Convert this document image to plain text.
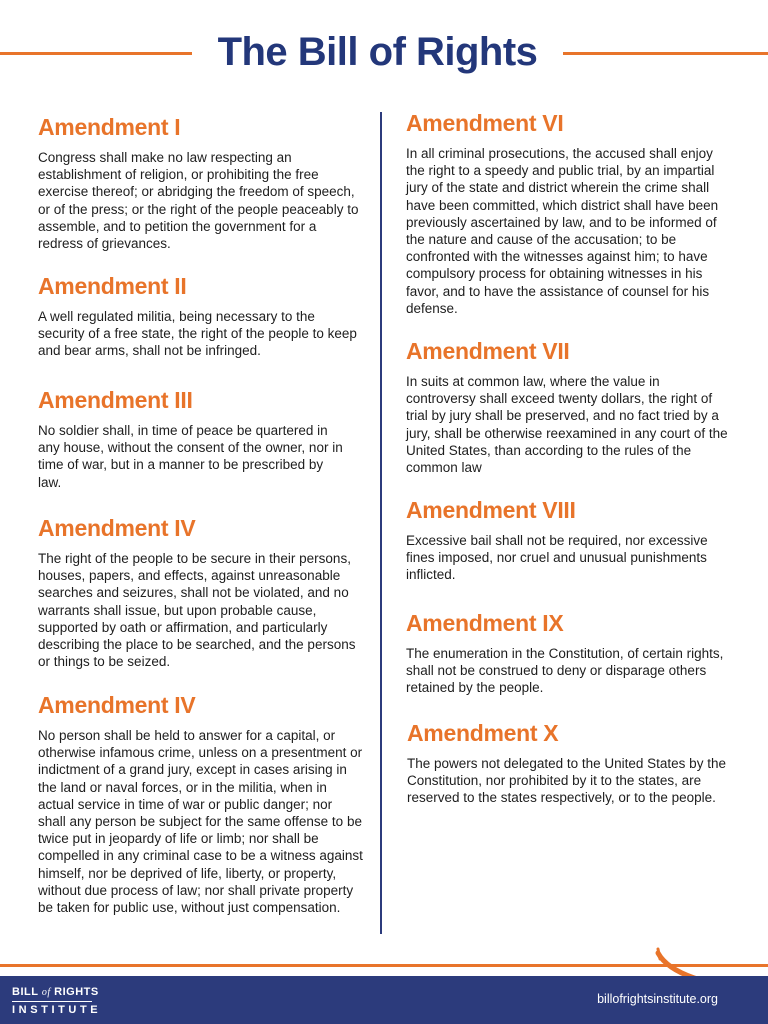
The Bill of Rights
Amendment I

Congress shall make no law respecting an establishment of religion, or prohibiting the free exercise thereof; or abridging the freedom of speech, or of the press; or the right of the people peaceably to assemble, and to petition the government for a redress of grievances.

Amendment II

A well regulated militia, being necessary to the security of a free state, the right of the people to keep and bear arms, shall not be infringed.

Amendment III

No soldier shall, in time of peace be quartered in any house, without the consent of the owner, nor in time of war, but in a manner to be prescribed by law.

Amendment IV

The right of the people to be secure in their persons, houses, papers, and effects, against unreasonable searches and seizures, shall not be violated, and no warrants shall issue, but upon probable cause, supported by oath or affirmation, and particularly describing the place to be searched, and the persons or things to be seized.

Amendment IV

No person shall be held to answer for a capital, or otherwise infamous crime, unless on a presentment or indictment of a grand jury, except in cases arising in the land or naval forces, or in the militia, when in actual service in time of war or public danger; nor shall any person be subject for the same offense to be twice put in jeopardy of life or limb; nor shall be compelled in any criminal case to be a witness against himself, nor be deprived of life, liberty, or property, without due process of law; nor shall private property be taken for public use, without just compensation.

Amendment VI

In all criminal prosecutions, the accused shall enjoy the right to a speedy and public trial, by an impartial jury of the state and district wherein the crime shall have been committed, which district shall have been previously ascertained by law, and to be informed of the nature and cause of the accusation; to be confronted with the witnesses against him; to have compulsory process for obtaining witnesses in his favor, and to have the assistance of counsel for his defense.

Amendment VII

In suits at common law, where the value in controversy shall exceed twenty dollars, the right of trial by jury shall be preserved, and no fact tried by a jury, shall be otherwise reexamined in any court of the United States, than according to the rules of the common law

Amendment VIII

Excessive bail shall not be required, nor excessive fines imposed, nor cruel and unusual punishments inflicted.

Amendment IX

The enumeration in the Constitution, of certain rights, shall not be construed to deny or disparage others retained by the people.

Amendment X

The powers not delegated to the United States by the Constitution, nor prohibited by it to the states, are reserved to the states respectively, or to the people.

BILL of RIGHTS
INSTITUTE
billofrightsinstitute.org
